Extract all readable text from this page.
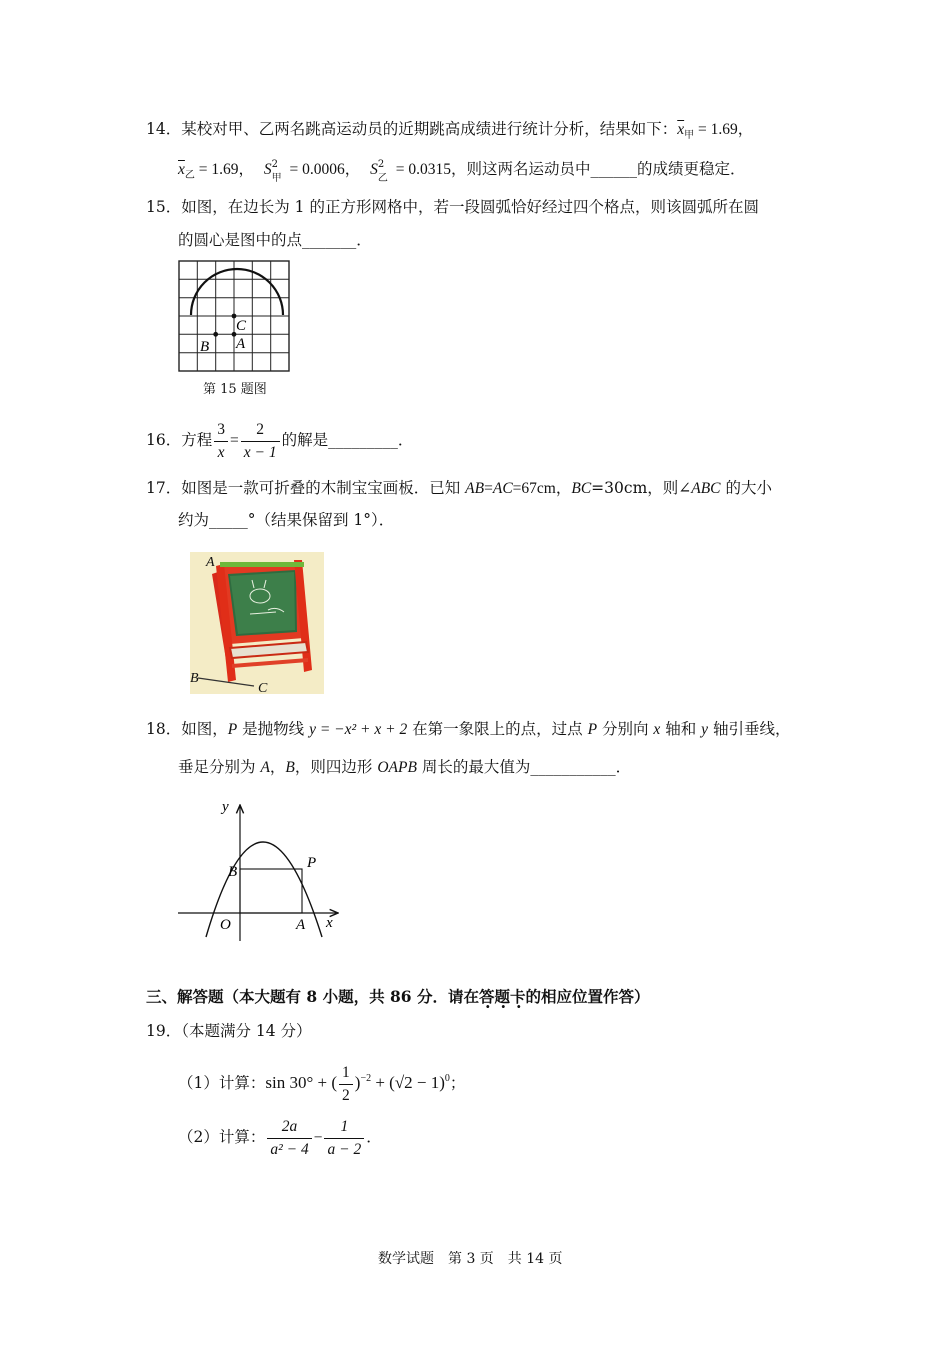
14．某校对甲、乙两名跳高运动员的近期跳高成绩进行统计分析，结果如下：$\overline{x}_甲 = 1.69$，
$\overline{x}_乙 = 1.69$， S 2
甲
= 0.0006， S 2
乙
= 0.0315，则这两名运动员中______的成绩更稳定．
15．如图，在边长为 1 的正方形网格中，若一段圆弧恰好经过四个格点，则该圆弧所在圆
的圆心是图中的点_______．
C
A
B
第 15 题图
16．方程 $\frac{3}{x} = \frac{2}{x - 1}$ 的解是_________．
17．如图是一款可折叠的木制宝宝画板．已知 AB=AC=67cm，BC=30cm，则∠ABC 的大小
约为_____°（结果保留到 1°）．
A
B
C
18．如图，P 是抛物线 y = −x² + x + 2 在第一象限上的点，过点 P 分别向 x 轴和 y 轴引垂线，
垂足分别为 A，B，则四边形 OAPB 周长的最大值为___________．
y
x
O	A
B
P
三、解答题（本大题有 8 小题，共 86 分．请在答题卡的相应位置作答）
19．（本题满分 14 分）
（1）计算：sin 30° + ( $\frac{1}{2} )^{-2} + (√2 - 1)^0$；
（2）计算： $\frac{2a}{\text{a² − 4}} - \frac{1}{a - 2}$ ．
数学试题　第 3 页　共 14 页
